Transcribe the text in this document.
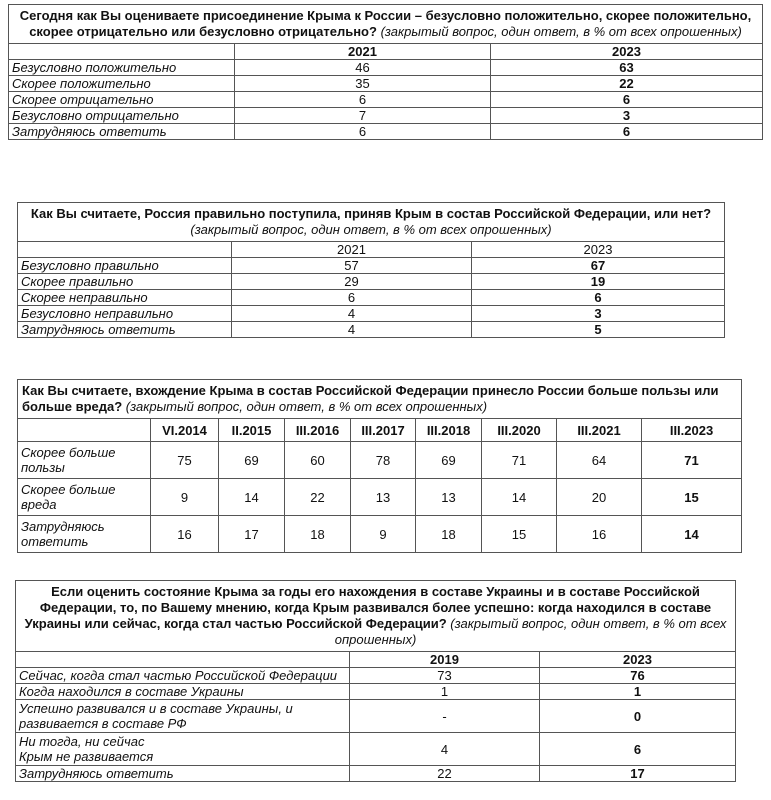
Сегодня как Вы оцениваете присоединение Крыма к России – безусловно положительно, скорее положительно, скорее отрицательно или безусловно отрицательно? (закрытый вопрос, один ответ, в % от всех опрошенных)		
	2021	2023
Безусловно положительно	46	63
Скорее положительно	35	22
Скорее отрицательно	6	6
Безусловно отрицательно	7	3
Затрудняюсь ответить	6	6
Как Вы считаете, Россия правильно поступила, приняв Крым в состав Российской Федерации, или нет? (закрытый вопрос, один ответ, в % от всех опрошенных)		
	2021	2023
Безусловно правильно	57	67
Скорее правильно	29	19
Скорее неправильно	6	6
Безусловно неправильно	4	3
Затрудняюсь ответить	4	5
Как Вы считаете, вхождение Крыма в состав Российской Федерации принесло России больше пользы или больше вреда? (закрытый вопрос, один ответ, в % от всех опрошенных)								
	VI.2014	II.2015	III.2016	III.2017	III.2018	III.2020	III.2021	III.2023
Скорее больше пользы	75	69	60	78	69	71	64	71
Скорее больше вреда	9	14	22	13	13	14	20	15
Затрудняюсь ответить	16	17	18	9	18	15	16	14
Если оценить состояние Крыма за годы его нахождения в составе Украины и в составе Российской Федерации, то, по Вашему мнению, когда Крым развивался более успешно: когда находился в составе Украины или сейчас, когда стал частью Российской Федерации? (закрытый вопрос, один ответ, в % от всех опрошенных)		
	2019	2023
Сейчас, когда стал частью Российской Федерации	73	76
Когда находился в составе Украины	1	1
Успешно развивался и в составе Украины, и развивается в составе РФ	-	0
Ни тогда, ни сейчас Крым не развивается	4	6
Затрудняюсь ответить	22	17
